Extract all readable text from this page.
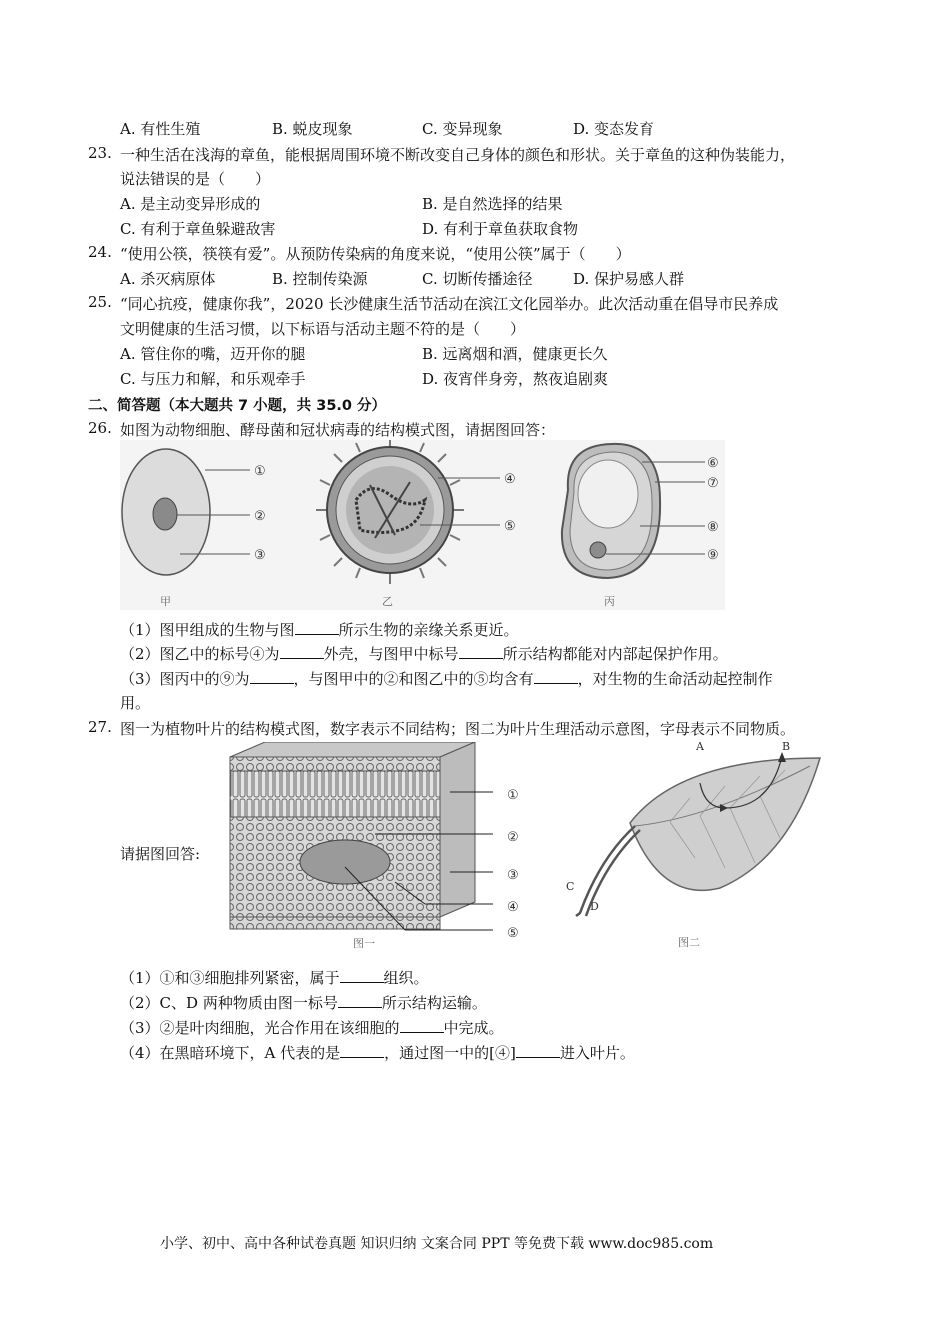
A. 有性生殖	B. 蜕皮现象	C. 变异现象	D. 变态发育
23. 一种生活在浅海的章鱼，能根据周围环境不断改变自己身体的颜色和形状。关于章鱼的这种伪装能力，
说法错误的是（　　）
A. 是主动变异形成的	B. 是自然选择的结果
C. 有利于章鱼躲避敌害	D. 有利于章鱼获取食物
24. “使用公筷，筷筷有爱”。从预防传染病的角度来说，“使用公筷”属于（　　）
A. 杀灭病原体	B. 控制传染源	C. 切断传播途径	D. 保护易感人群
25. “同心抗疫，健康你我”，2020 长沙健康生活节活动在滨江文化园举办。此次活动重在倡导市民养成
文明健康的生活习惯，以下标语与活动主题不符的是（　　）
A. 管住你的嘴，迈开你的腿	B. 远离烟和酒，健康更长久
C. 与压力和解，和乐观牵手	D. 夜宵伴身旁，熬夜追剧爽
二、简答题（本大题共 7 小题，共 35.0 分）
26. 如图为动物细胞、酵母菌和冠状病毒的结构模式图，请据图回答：
①
②
③
甲
④
⑤
乙
⑥
⑦
⑧
⑨
丙
（1）图甲组成的生物与图	所示生物的亲缘关系更近。
（2）图乙中的标号④为	外壳，与图甲中标号	所示结构都能对内部起保护作用。
（3）图丙中的⑨为	，与图甲中的②和图乙中的⑤均含有	，对生物的生命活动起控制作
用。
27. 图一为植物叶片的结构模式图，数字表示不同结构；图二为叶片生理活动示意图，字母表示不同物质。
请据图回答:
①
②
③
④
⑤
图一
A	B
C
D
图二
（1）①和③细胞排列紧密，属于	组织。
（2）C、D 两种物质由图一标号	所示结构运输。
（3）②是叶肉细胞，光合作用在该细胞的	中完成。
（4）在黑暗环境下，A 代表的是	，通过图一中的[④]	进入叶片。
小学、初中、高中各种试卷真题 知识归纳 文案合同 PPT 等免费下载 www.doc985.com
